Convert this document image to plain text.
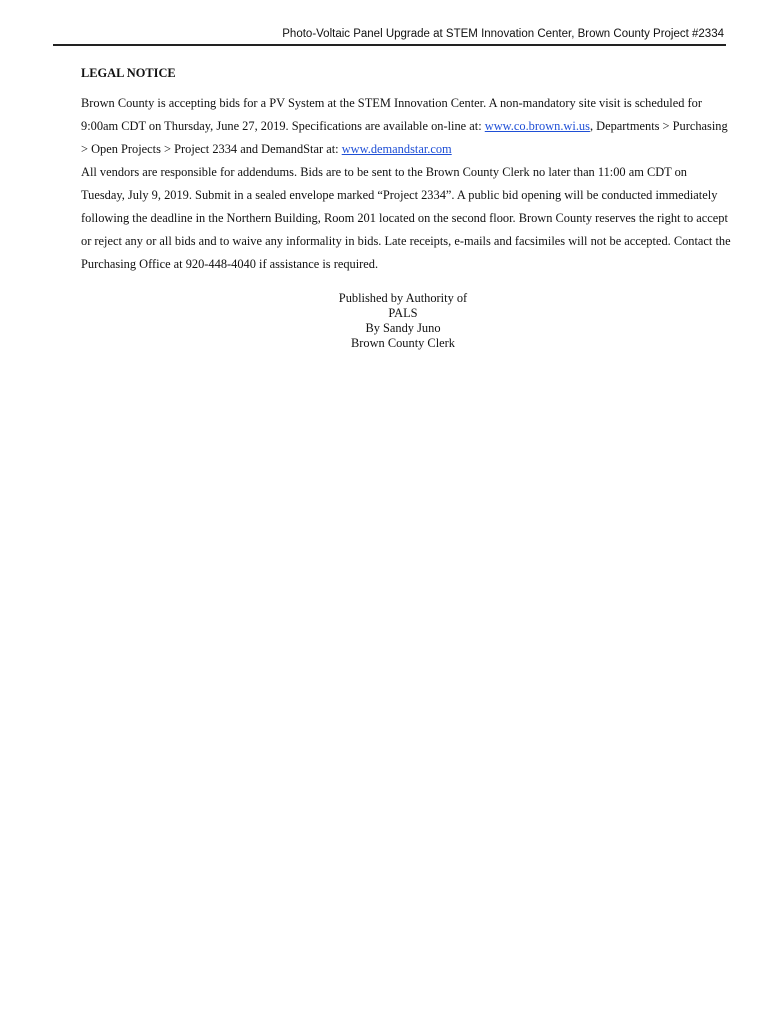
Photo-Voltaic Panel Upgrade at STEM Innovation Center, Brown County Project #2334
LEGAL NOTICE

Brown County is accepting bids for a PV System at the STEM Innovation Center. A non-mandatory site visit is scheduled for 9:00am CDT on Thursday, June 27, 2019. Specifications are available on-line at: www.co.brown.wi.us, Departments > Purchasing > Open Projects > Project 2334 and DemandStar at: www.demandstar.com

All vendors are responsible for addendums. Bids are to be sent to the Brown County Clerk no later than 11:00 am CDT on Tuesday, July 9, 2019. Submit in a sealed envelope marked “Project 2334”. A public bid opening will be conducted immediately following the deadline in the Northern Building, Room 201 located on the second floor. Brown County reserves the right to accept or reject any or all bids and to waive any informality in bids. Late receipts, e-mails and facsimiles will not be accepted. Contact the Purchasing Office at 920-448-4040 if assistance is required.

Published by Authority of
PALS
By Sandy Juno
Brown County Clerk
